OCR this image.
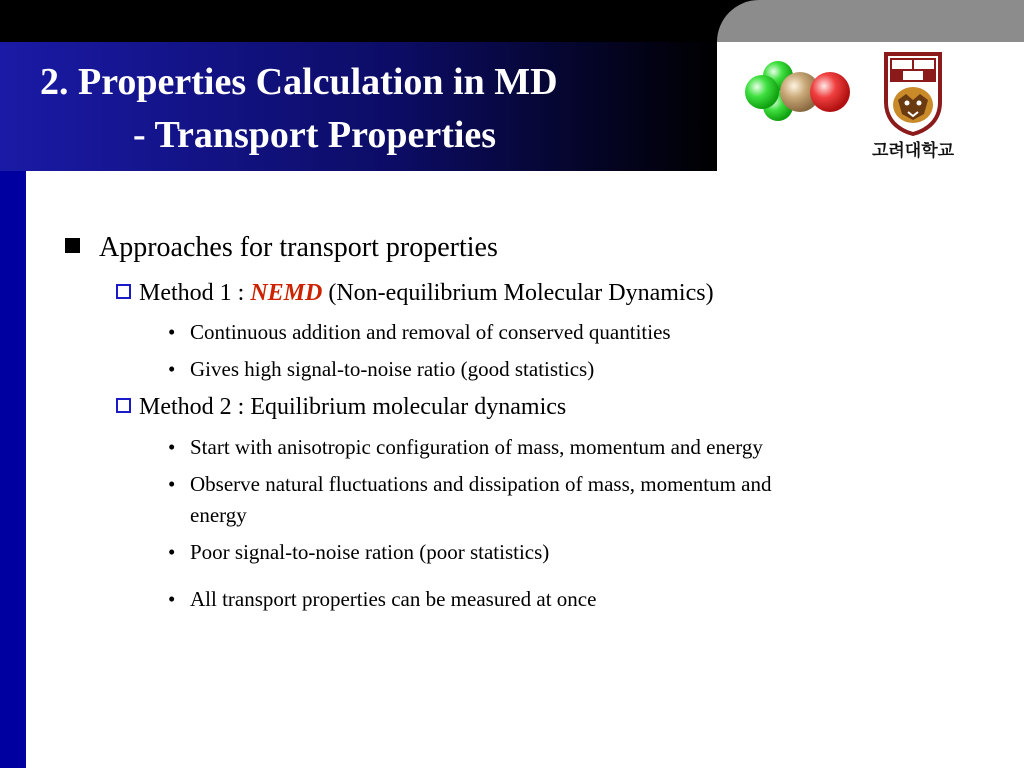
2. Properties Calculation in MD
- Transport Properties	고려대학교
Approaches for transport properties
Method 1 : NEMD (Non-equilibrium Molecular Dynamics)
• Continuous addition and removal of conserved quantities
• Gives high signal-to-noise ratio (good statistics)
Method 2 : Equilibrium molecular dynamics
• Start with anisotropic configuration of mass, momentum and energy
• Observe natural fluctuations and dissipation of mass, momentum and
energy
• Poor signal-to-noise ration (poor statistics)
• All transport properties can be measured at once
